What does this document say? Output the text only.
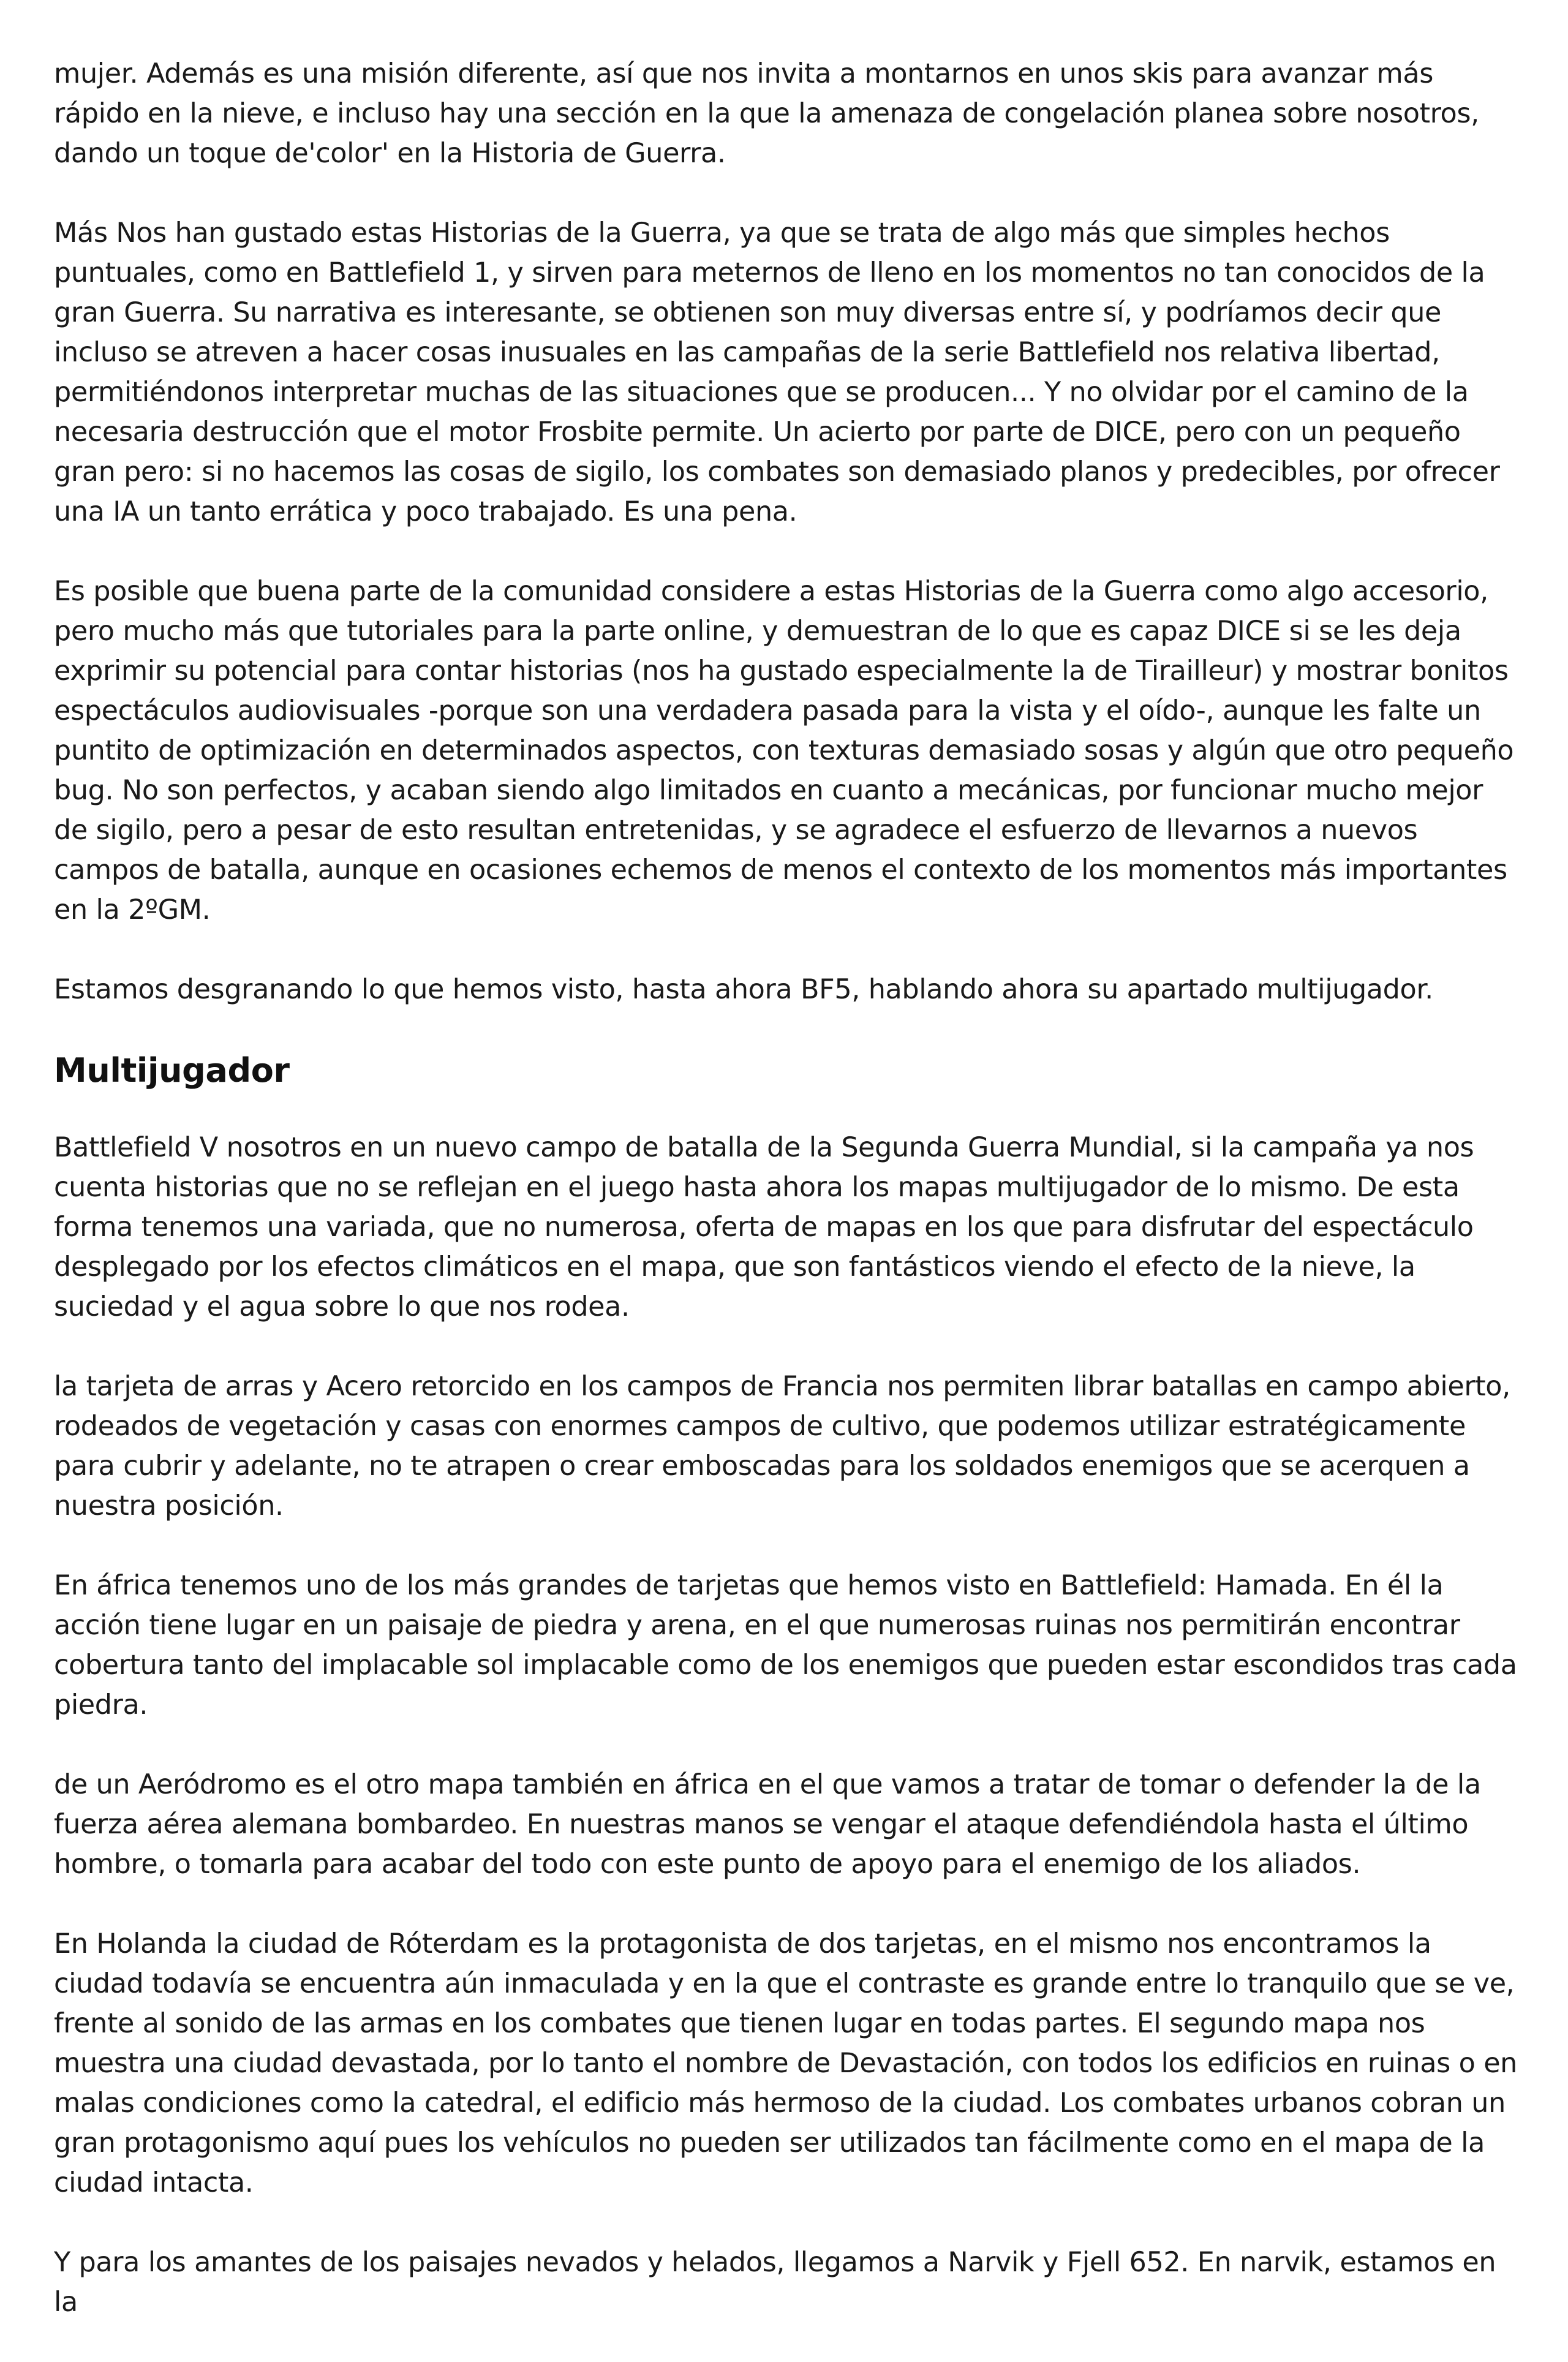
mujer. Además es una misión diferente, así que nos invita a montarnos en unos skis para avanzar más rápido en la nieve, e incluso hay una sección en la que la amenaza de congelación planea sobre nosotros, dando un toque de'color' en la Historia de Guerra.

Más Nos han gustado estas Historias de la Guerra, ya que se trata de algo más que simples hechos puntuales, como en Battlefield 1, y sirven para meternos de lleno en los momentos no tan conocidos de la gran Guerra. Su narrativa es interesante, se obtienen son muy diversas entre sí, y podríamos decir que incluso se atreven a hacer cosas inusuales en las campañas de la serie Battlefield nos relativa libertad, permitiéndonos interpretar muchas de las situaciones que se producen... Y no olvidar por el camino de la necesaria destrucción que el motor Frosbite permite. Un acierto por parte de DICE, pero con un pequeño gran pero: si no hacemos las cosas de sigilo, los combates son demasiado planos y predecibles, por ofrecer una IA un tanto errática y poco trabajado. Es una pena.

Es posible que buena parte de la comunidad considere a estas Historias de la Guerra como algo accesorio, pero mucho más que tutoriales para la parte online, y demuestran de lo que es capaz DICE si se les deja exprimir su potencial para contar historias (nos ha gustado especialmente la de Tirailleur) y mostrar bonitos espectáculos audiovisuales -porque son una verdadera pasada para la vista y el oído-, aunque les falte un puntito de optimización en determinados aspectos, con texturas demasiado sosas y algún que otro pequeño bug. No son perfectos, y acaban siendo algo limitados en cuanto a mecánicas, por funcionar mucho mejor de sigilo, pero a pesar de esto resultan entretenidas, y se agradece el esfuerzo de llevarnos a nuevos campos de batalla, aunque en ocasiones echemos de menos el contexto de los momentos más importantes en la 2ºGM.

Estamos desgranando lo que hemos visto, hasta ahora BF5, hablando ahora su apartado multijugador.

Multijugador

Battlefield V nosotros en un nuevo campo de batalla de la Segunda Guerra Mundial, si la campaña ya nos cuenta historias que no se reflejan en el juego hasta ahora los mapas multijugador de lo mismo. De esta forma tenemos una variada, que no numerosa, oferta de mapas en los que para disfrutar del espectáculo desplegado por los efectos climáticos en el mapa, que son fantásticos viendo el efecto de la nieve, la suciedad y el agua sobre lo que nos rodea.

la tarjeta de arras y Acero retorcido en los campos de Francia nos permiten librar batallas en campo abierto, rodeados de vegetación y casas con enormes campos de cultivo, que podemos utilizar estratégicamente para cubrir y adelante, no te atrapen o crear emboscadas para los soldados enemigos que se acerquen a nuestra posición.

En áfrica tenemos uno de los más grandes de tarjetas que hemos visto en Battlefield: Hamada. En él la acción tiene lugar en un paisaje de piedra y arena, en el que numerosas ruinas nos permitirán encontrar cobertura tanto del implacable sol implacable como de los enemigos que pueden estar escondidos tras cada piedra.

de un Aeródromo es el otro mapa también en áfrica en el que vamos a tratar de tomar o defender la de la fuerza aérea alemana bombardeo. En nuestras manos se vengar el ataque defendiéndola hasta el último hombre, o tomarla para acabar del todo con este punto de apoyo para el enemigo de los aliados.

En Holanda la ciudad de Róterdam es la protagonista de dos tarjetas, en el mismo nos encontramos la ciudad todavía se encuentra aún inmaculada y en la que el contraste es grande entre lo tranquilo que se ve, frente al sonido de las armas en los combates que tienen lugar en todas partes. El segundo mapa nos muestra una ciudad devastada, por lo tanto el nombre de Devastación, con todos los edificios en ruinas o en malas condiciones como la catedral, el edificio más hermoso de la ciudad. Los combates urbanos cobran un gran protagonismo aquí pues los vehículos no pueden ser utilizados tan fácilmente como en el mapa de la ciudad intacta.

Y para los amantes de los paisajes nevados y helados, llegamos a Narvik y Fjell 652. En narvik, estamos en la
